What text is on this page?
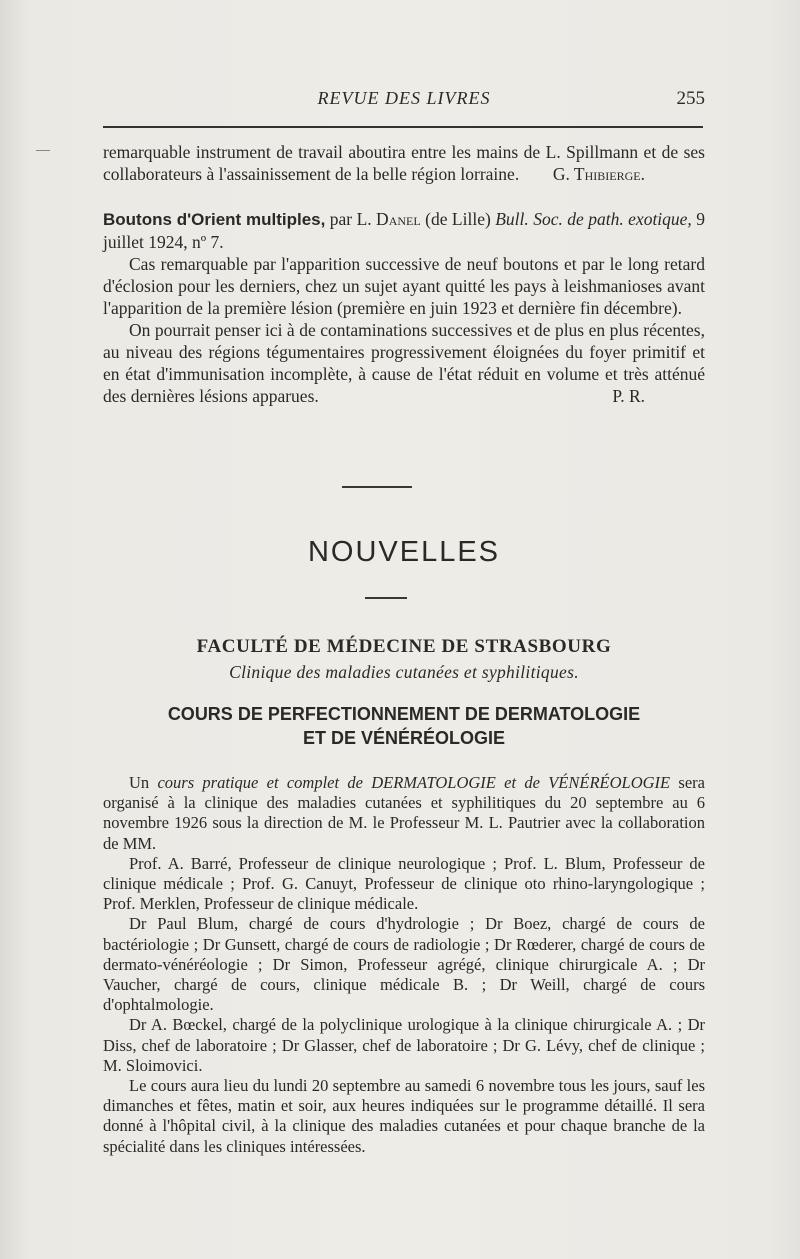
REVUE DES LIVRES	255

remarquable instrument de travail aboutira entre les mains de L. Spillmann et de ses collaborateurs à l'assainissement de la belle région lorraine.	G. Thibierge.

Boutons d'Orient multiples, par L. Danel (de Lille) Bull. Soc. de path. exotique, 9 juillet 1924, nº 7.

Cas remarquable par l'apparition successive de neuf boutons et par le long retard d'éclosion pour les derniers, chez un sujet ayant quitté les pays à leishmanioses avant l'apparition de la première lésion (première en juin 1923 et dernière fin décembre).

On pourrait penser ici à de contaminations successives et de plus en plus récentes, au niveau des régions tégumentaires progressivement éloignées du foyer primitif et en état d'immunisation incomplète, à cause de l'état réduit en volume et très atténué des dernières lésions apparues.	P. R.
NOUVELLES
FACULTÉ DE MÉDECINE DE STRASBOURG
Clinique des maladies cutanées et syphilitiques.
COURS DE PERFECTIONNEMENT DE DERMATOLOGIE
ET DE VÉNÉRÉOLOGIE

Un cours pratique et complet de DERMATOLOGIE et de VÉNÉRÉOLOGIE sera organisé à la clinique des maladies cutanées et syphilitiques du 20 septembre au 6 novembre 1926 sous la direction de M. le Professeur M. L. Pautrier avec la collaboration de MM.

Prof. A. Barré, Professeur de clinique neurologique ; Prof. L. Blum, Professeur de clinique médicale ; Prof. G. Canuyt, Professeur de clinique oto rhino-laryngologique ; Prof. Merklen, Professeur de clinique médicale.

Dr Paul Blum, chargé de cours d'hydrologie ; Dr Boez, chargé de cours de bactériologie ; Dr Gunsett, chargé de cours de radiologie ; Dr Rœderer, chargé de cours de dermato-vénéréologie ; Dr Simon, Professeur agrégé, clinique chirurgicale A. ; Dr Vaucher, chargé de cours, clinique médicale B. ; Dr Weill, chargé de cours d'ophtalmologie.

Dr A. Bœckel, chargé de la polyclinique urologique à la clinique chirurgicale A. ; Dr Diss, chef de laboratoire ; Dr Glasser, chef de laboratoire ; Dr G. Lévy, chef de clinique ; M. Sloimovici.

Le cours aura lieu du lundi 20 septembre au samedi 6 novembre tous les jours, sauf les dimanches et fêtes, matin et soir, aux heures indiquées sur le programme détaillé. Il sera donné à l'hôpital civil, à la clinique des maladies cutanées et pour chaque branche de la spécialité dans les cliniques intéressées.
